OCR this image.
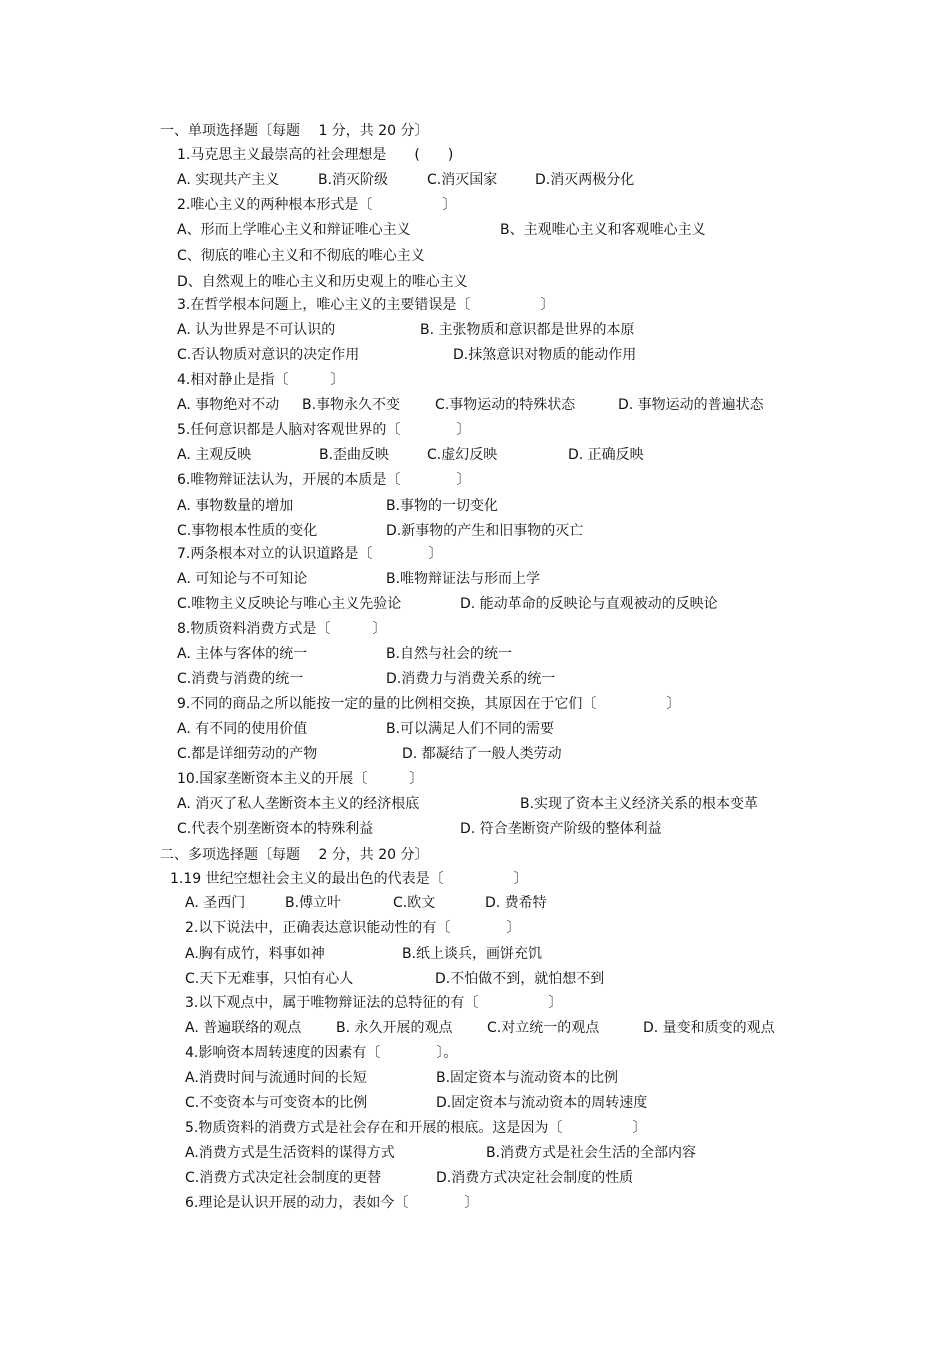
一、单项选择题〔每题　 1 分，共 20 分〕
1.马克思主义最崇高的社会理想是　　(　　)
A. 实现共产主义	B.消灭阶级	C.消灭国家	D.消灭两极分化
2.唯心主义的两种根本形式是〔　　　　　〕
A、形而上学唯心主义和辩证唯心主义	B、主观唯心主义和客观唯心主义
C、彻底的唯心主义和不彻底的唯心主义
D、自然观上的唯心主义和历史观上的唯心主义
3.在哲学根本问题上，唯心主义的主要错误是〔　　　　　〕
A. 认为世界是不可认识的	B. 主张物质和意识都是世界的本原
C.否认物质对意识的决定作用	D.抹煞意识对物质的能动作用
4.相对静止是指〔　　　〕
A. 事物绝对不动 B.事物永久不变 C.事物运动的特殊状态	D. 事物运动的普遍状态
5.任何意识都是人脑对客观世界的〔　　　　〕
A. 主观反映	B.歪曲反映	C.虚幻反映	D. 正确反映
6.唯物辩证法认为，开展的本质是〔　　　　〕
A. 事物数量的增加	B.事物的一切变化
C.事物根本性质的变化	D.新事物的产生和旧事物的灭亡
7.两条根本对立的认识道路是〔　　　　〕
A. 可知论与不可知论	B.唯物辩证法与形而上学
C.唯物主义反映论与唯心主义先验论	D. 能动革命的反映论与直观被动的反映论
8.物质资料消费方式是〔　　　〕
A. 主体与客体的统一	B.自然与社会的统一
C.消费与消费的统一	D.消费力与消费关系的统一
9.不同的商品之所以能按一定的量的比例相交换，其原因在于它们〔　　　　　〕
A. 有不同的使用价值	B.可以满足人们不同的需要
C.都是详细劳动的产物	D. 都凝结了一般人类劳动
10.国家垄断资本主义的开展〔　　　〕
A. 消灭了私人垄断资本主义的经济根底	B.实现了资本主义经济关系的根本变革
C.代表个别垄断资本的特殊利益	D. 符合垄断资产阶级的整体利益
二、多项选择题〔每题　 2 分，共 20 分〕
1.19 世纪空想社会主义的最出色的代表是〔　　　　　〕
A. 圣西门	B.傅立叶	C.欧文	D. 费希特
2.以下说法中，正确表达意识能动性的有〔　　　　〕
A.胸有成竹，料事如神	B.纸上谈兵，画饼充饥
C.天下无难事，只怕有心人	D.不怕做不到，就怕想不到
3.以下观点中，属于唯物辩证法的总特征的有〔　　　　　〕
A. 普遍联络的观点 B. 永久开展的观点 C.对立统一的观点	D. 量变和质变的观点
4.影响资本周转速度的因素有〔　　　　〕。
A.消费时间与流通时间的长短	B.固定资本与流动资本的比例
C.不变资本与可变资本的比例	D.固定资本与流动资本的周转速度
5.物质资料的消费方式是社会存在和开展的根底。这是因为〔　　　　　〕
A.消费方式是生活资料的谋得方式	B.消费方式是社会生活的全部内容
C.消费方式决定社会制度的更替	D.消费方式决定社会制度的性质
6.理论是认识开展的动力，表如今〔　　　　〕
